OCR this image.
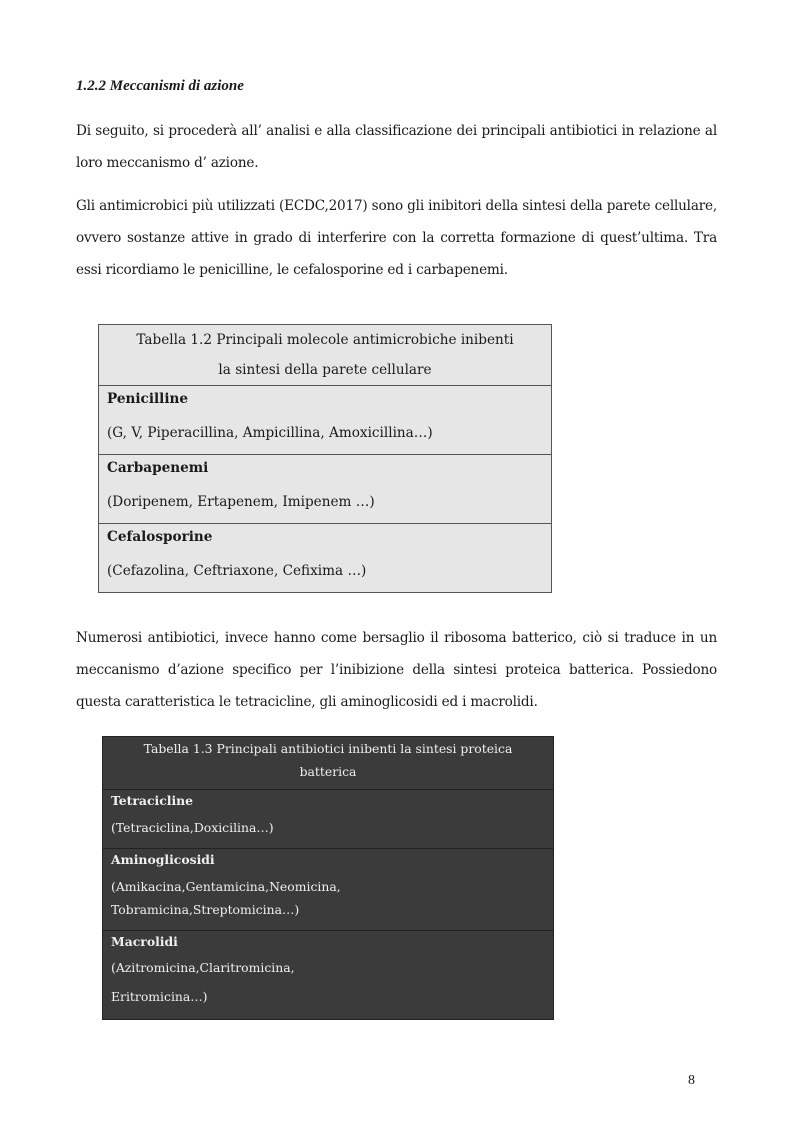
1.2.2 Meccanismi di azione

Di seguito, si procederà all’ analisi e alla classificazione dei principali antibiotici in relazione al loro meccanismo d’ azione.

Gli antimicrobici più utilizzati (ECDC,2017) sono gli inibitori della sintesi della parete cellulare, ovvero sostanze attive in grado di interferire con la corretta formazione di quest’ultima. Tra essi ricordiamo le penicilline, le cefalosporine ed i carbapenemi.

Tabella 1.2 Principali molecole antimicrobiche inibenti
la sintesi della parete cellulare

Penicilline
(G, V, Piperacillina, Ampicillina, Amoxicillina…)

Carbapenemi
(Doripenem, Ertapenem, Imipenem …)

Cefalosporine
(Cefazolina, Ceftriaxone, Cefixima …)

Numerosi antibiotici, invece hanno come bersaglio il ribosoma batterico, ciò si traduce in un meccanismo d’azione specifico per l’inibizione della sintesi proteica batterica. Possiedono questa caratteristica le tetracicline, gli aminoglicosidi ed i macrolidi.

Tabella 1.3 Principali antibiotici inibenti la sintesi proteica
batterica

Tetracicline
(Tetraciclina,Doxicilina…)

Aminoglicosidi
(Amikacina,Gentamicina,Neomicina,
Tobramicina,Streptomicina…)

Macrolidi
(Azitromicina,Claritromicina,
Eritromicina…)
8
